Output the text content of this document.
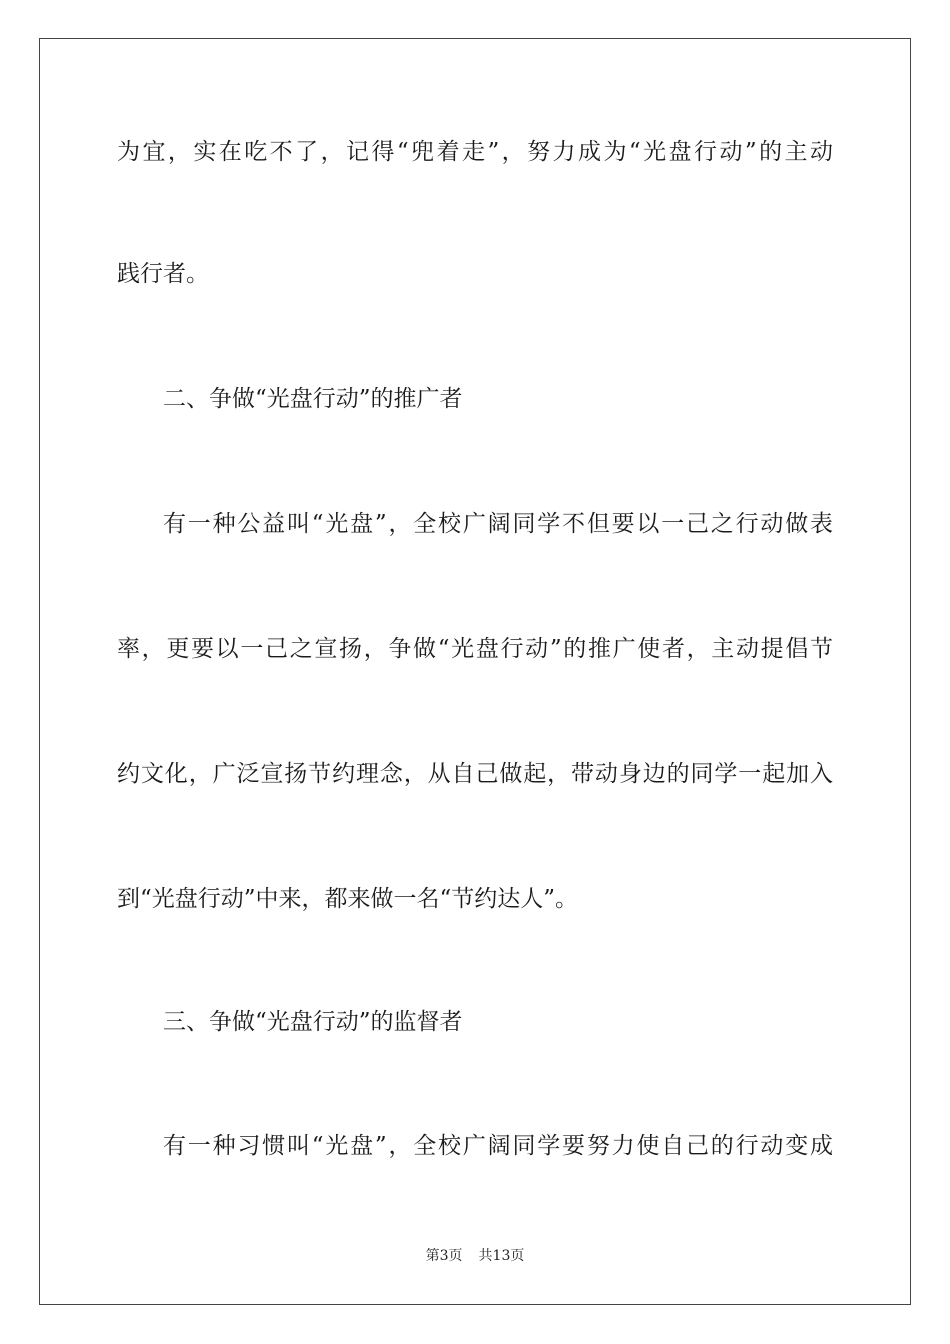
为宜，实在吃不了，记得“兜着走”，努力成为“光盘行动”的主动
践行者。
二、争做“光盘行动”的推广者
有一种公益叫“光盘”，全校广阔同学不但要以一己之行动做表
率，更要以一己之宣扬，争做“光盘行动”的推广使者，主动提倡节
约文化，广泛宣扬节约理念，从自己做起，带动身边的同学一起加入
到“光盘行动”中来，都来做一名“节约达人”。
三、争做“光盘行动”的监督者
有一种习惯叫“光盘”，全校广阔同学要努力使自己的行动变成
第3页 共13页
